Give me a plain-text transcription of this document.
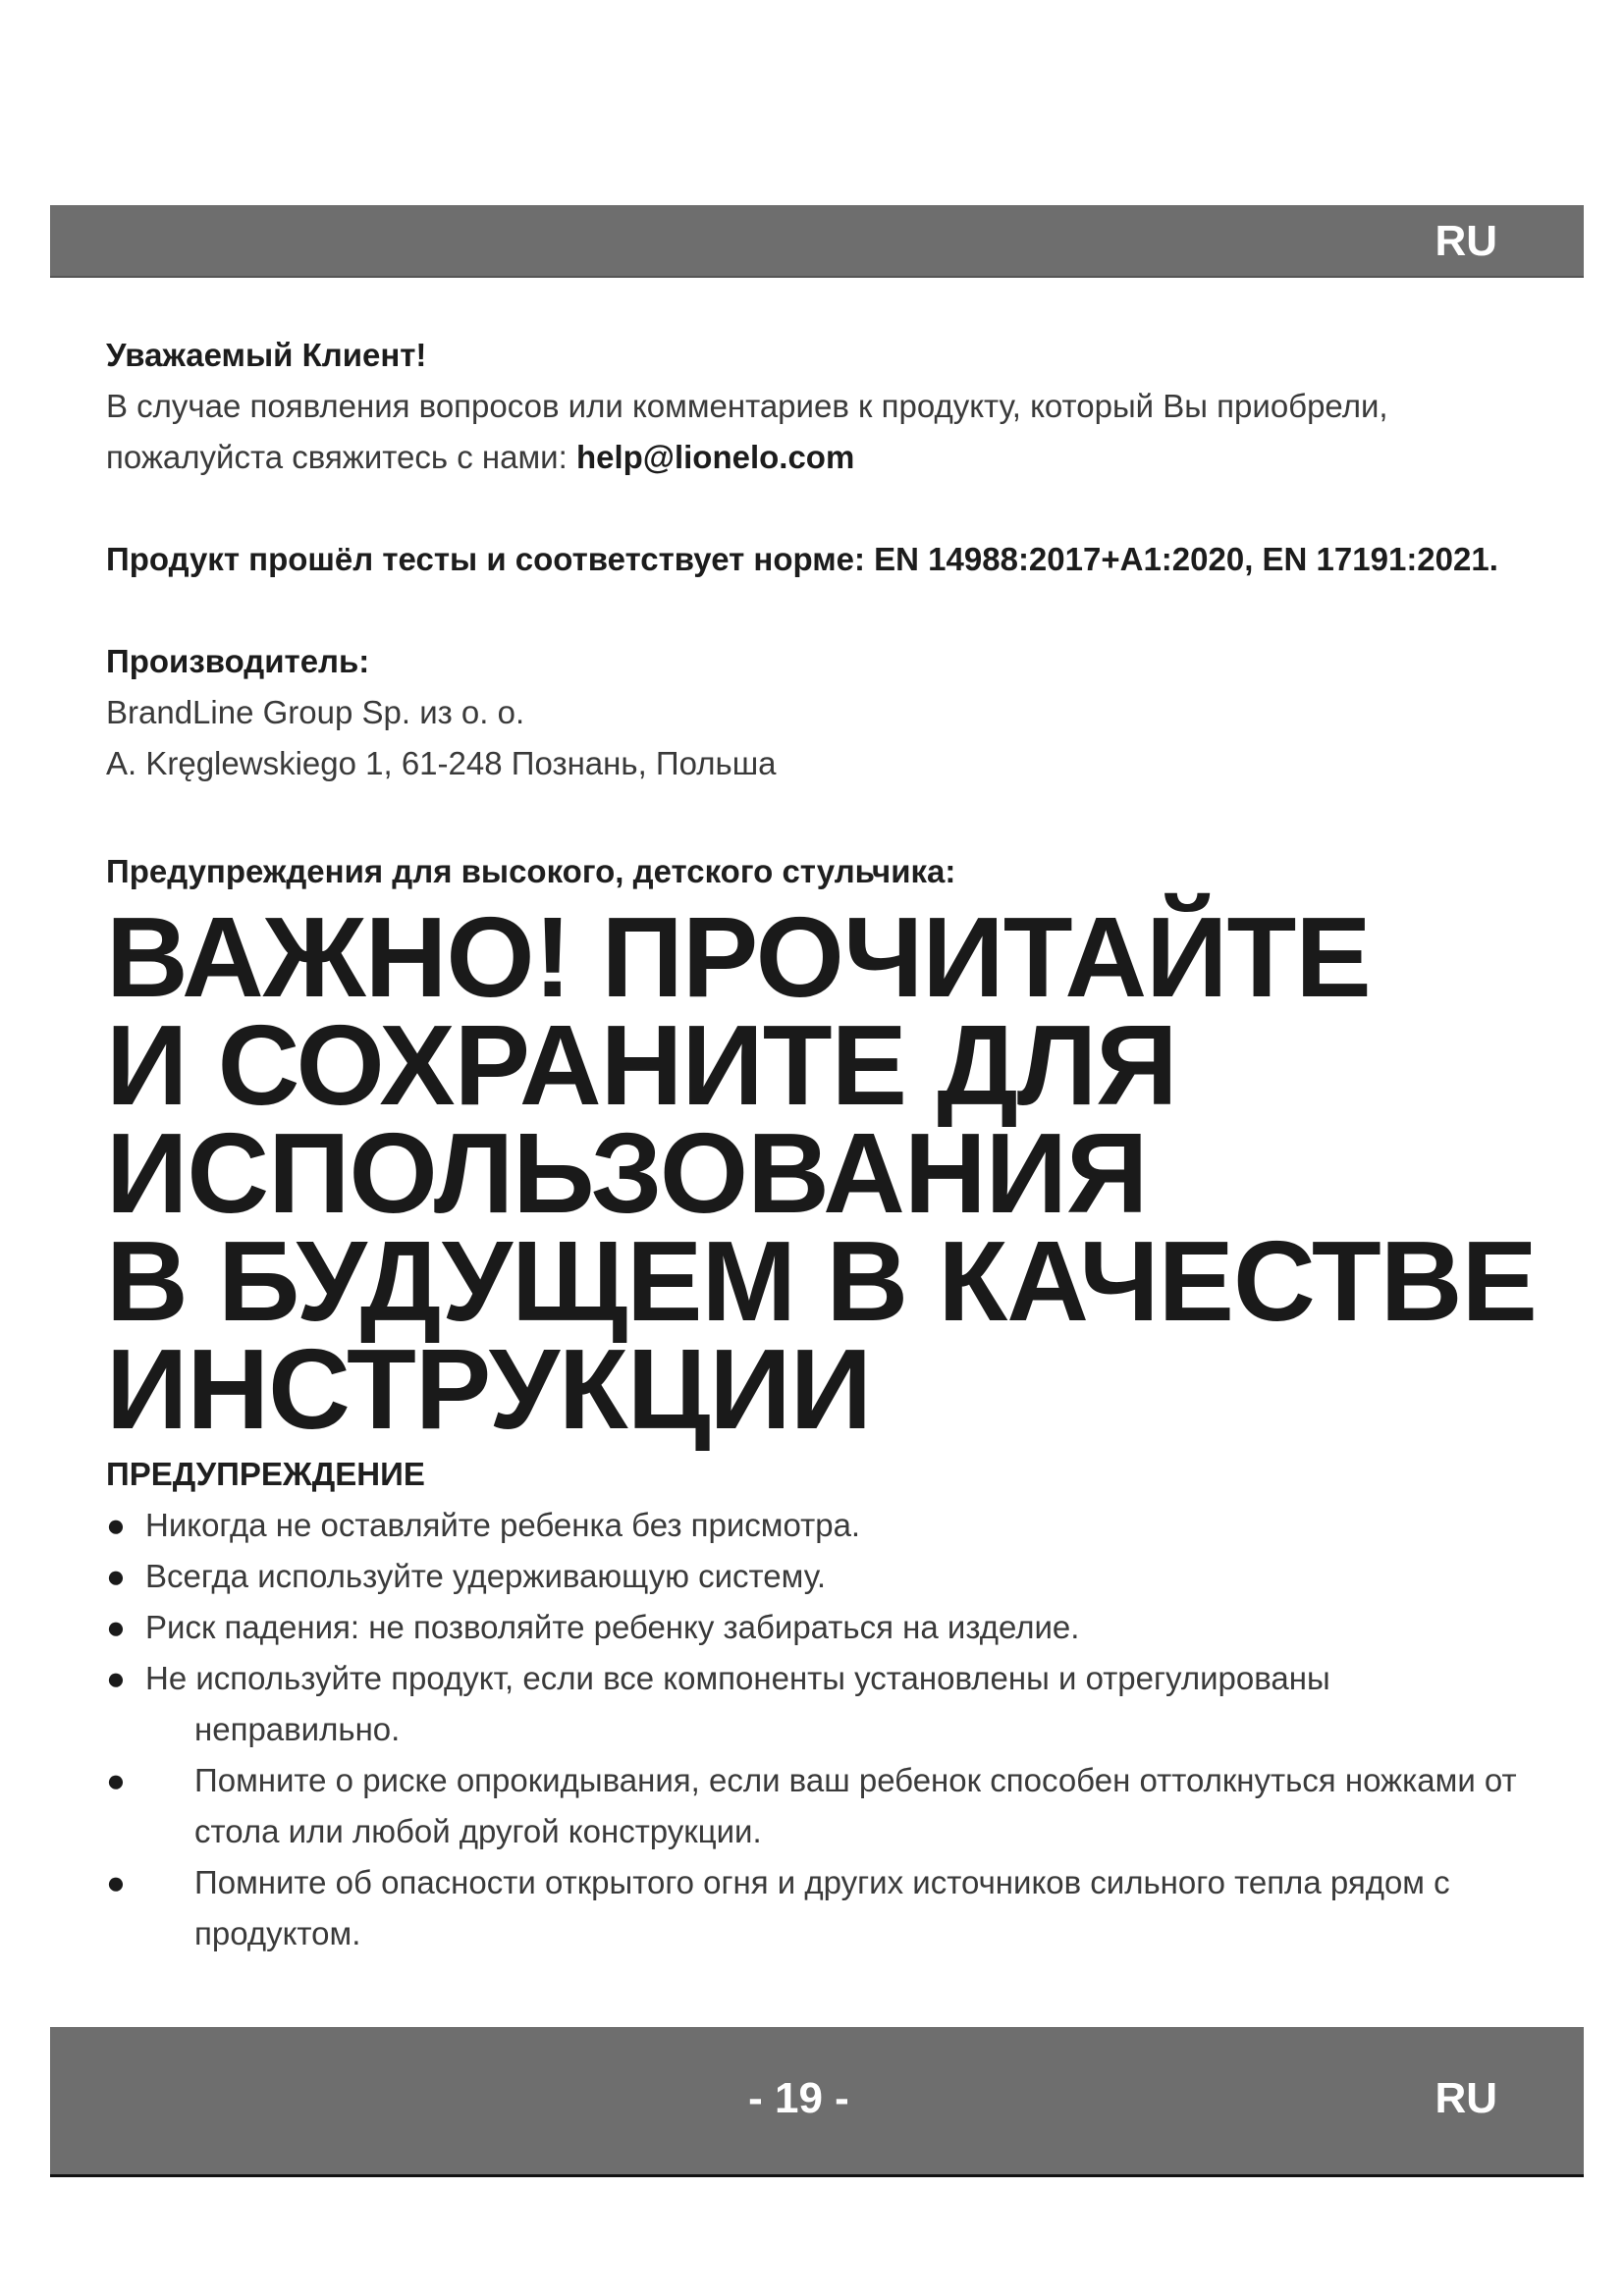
RU

Уважаемый Клиент!

В случае появления вопросов или комментариев к продукту, который Вы приобрели,

пожалуйста свяжитесь с нами: help@lionelo.com

Продукт прошёл тесты и соответствует норме: EN 14988:2017+A1:2020, EN 17191:2021.

Производитель:

BrandLine Group Sp. из о. о.

A. Kręglewskiego 1, 61-248 Познань, Польша

Предупреждения для высокого, детского стульчика:

ВАЖНО! ПРОЧИТАЙТЕ
И СОХРАНИТЕ ДЛЯ
ИСПОЛЬЗОВАНИЯ
В БУДУЩЕМ В КАЧЕСТВЕ
ИНСТРУКЦИИ

ПРЕДУПРЕЖДЕНИЕ

● Никогда не оставляйте ребенка без присмотра.
● Всегда используйте удерживающую систему.
● Риск падения: не позволяйте ребенку забираться на изделие.
● Не используйте продукт, если все компоненты установлены и отрегулированы
неправильно.
● Помните о риске опрокидывания, если ваш ребенок способен оттолкнуться ножками от стола или любой другой конструкции.
● Помните об опасности открытого огня и других источников сильного тепла рядом с продуктом.
- 19 -	RU
